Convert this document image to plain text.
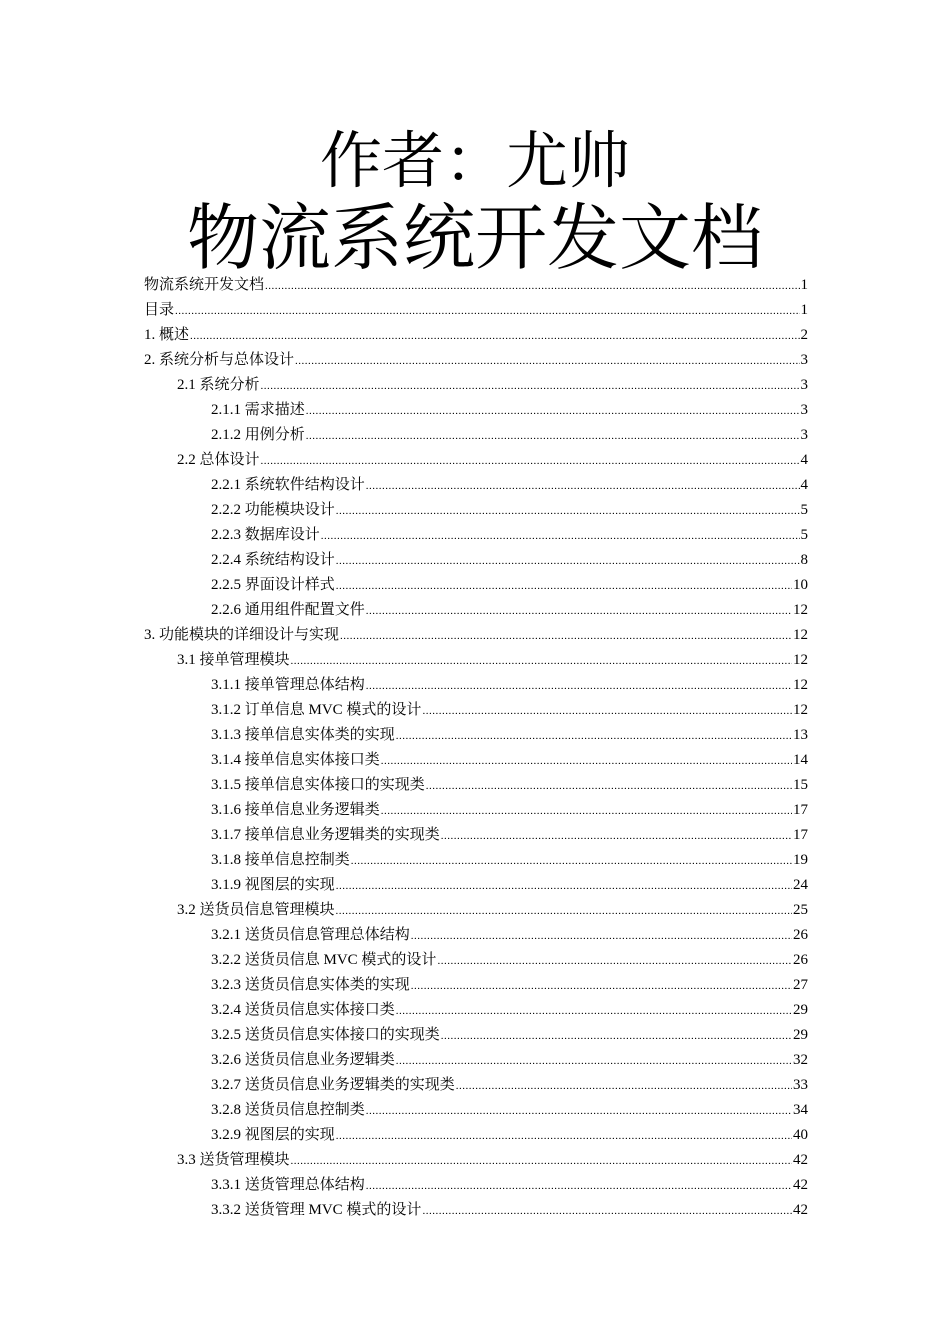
作者：尤帅
物流系统开发文档
物流系统开发文档 .....	1
目录 .....	1
1. 概述 .....	2
2. 系统分析与总体设计 .....	3
2.1 系统分析 .....	3
2.1.1 需求描述 .....	3
2.1.2 用例分析 .....	3
2.2 总体设计 .....	4
2.2.1 系统软件结构设计 .....	4
2.2.2 功能模块设计 .....	5
2.2.3 数据库设计 .....	5
2.2.4 系统结构设计 .....	8
2.2.5 界面设计样式 .....	10
2.2.6 通用组件配置文件 .....	12
3. 功能模块的详细设计与实现 .....	12
3.1 接单管理模块 .....	12
3.1.1 接单管理总体结构 .....	12
3.1.2 订单信息 MVC 模式的设计 .....	12
3.1.3 接单信息实体类的实现 .....	13
3.1.4 接单信息实体接口类 .....	14
3.1.5 接单信息实体接口的实现类 .....	15
3.1.6 接单信息业务逻辑类 .....	17
3.1.7 接单信息业务逻辑类的实现类 .....	17
3.1.8 接单信息控制类 .....	19
3.1.9 视图层的实现 .....	24
3.2 送货员信息管理模块 .....	25
3.2.1 送货员信息管理总体结构 .....	26
3.2.2 送货员信息 MVC 模式的设计 .....	26
3.2.3 送货员信息实体类的实现 .....	27
3.2.4 送货员信息实体接口类 .....	29
3.2.5 送货员信息实体接口的实现类 .....	29
3.2.6 送货员信息业务逻辑类 .....	32
3.2.7 送货员信息业务逻辑类的实现类 .....	33
3.2.8 送货员信息控制类 .....	34
3.2.9 视图层的实现 .....	40
3.3 送货管理模块 .....	42
3.3.1 送货管理总体结构 .....	42
3.3.2 送货管理 MVC 模式的设计 .....	42
